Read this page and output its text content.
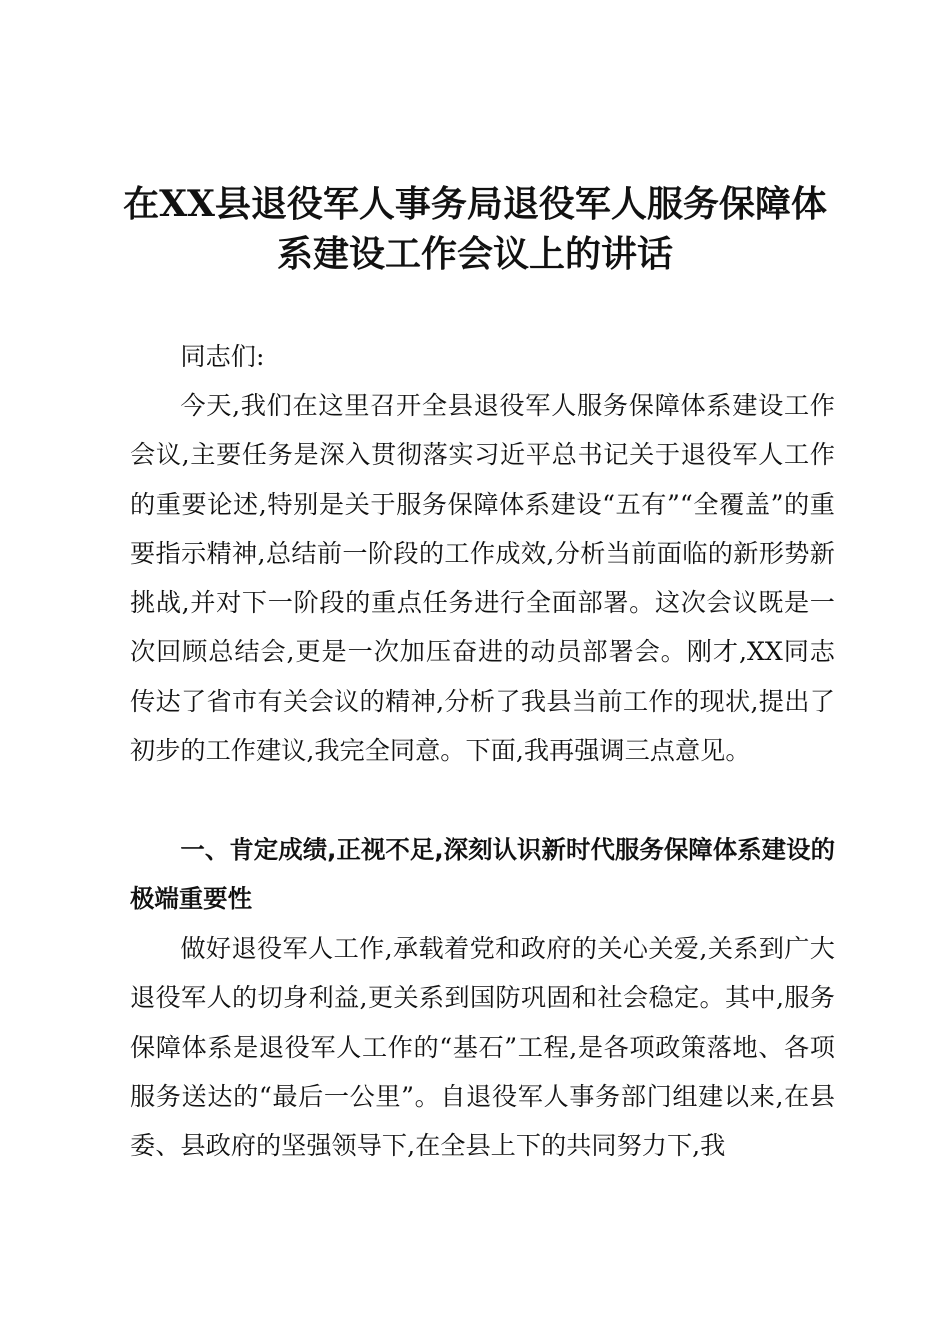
在XX县退役军人事务局退役军人服务保障体
系建设工作会议上的讲话

同志们:

今天,我们在这里召开全县退役军人服务保障体系建设工作会议,主要任务是深入贯彻落实习近平总书记关于退役军人工作的重要论述,特别是关于服务保障体系建设“五有”“全覆盖”的重要指示精神,总结前一阶段的工作成效,分析当前面临的新形势新挑战,并对下一阶段的重点任务进行全面部署。这次会议既是一次回顾总结会,更是一次加压奋进的动员部署会。刚才,XX同志传达了省市有关会议的精神,分析了我县当前工作的现状,提出了初步的工作建议,我完全同意。下面,我再强调三点意见。

一、肯定成绩,正视不足,深刻认识新时代服务保障体系建设的极端重要性

做好退役军人工作,承载着党和政府的关心关爱,关系到广大退役军人的切身利益,更关系到国防巩固和社会稳定。其中,服务保障体系是退役军人工作的“基石”工程,是各项政策落地、各项服务送达的“最后一公里”。自退役军人事务部门组建以来,在县委、县政府的坚强领导下,在全县上下的共同努力下,我
